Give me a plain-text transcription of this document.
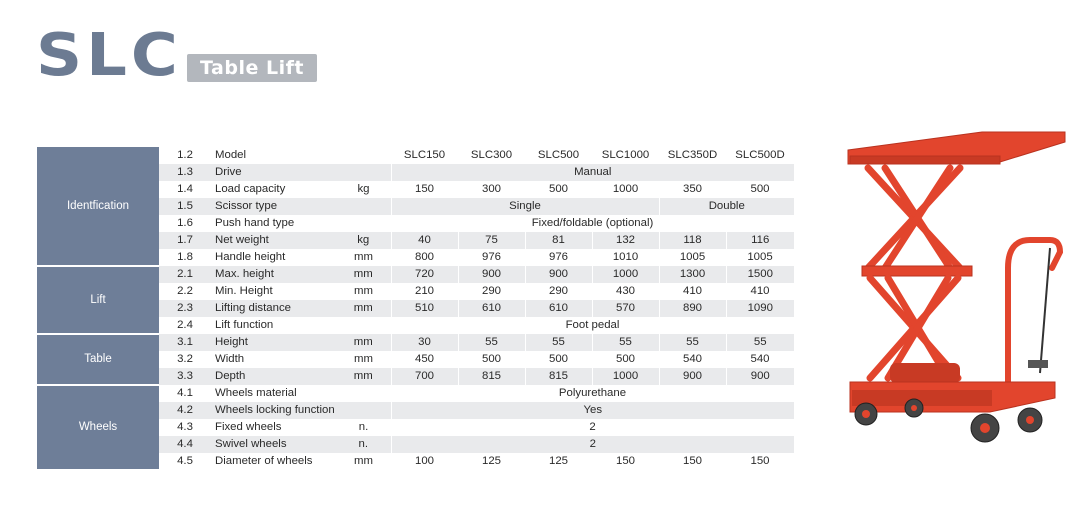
SLC Table Lift
Identfication	1.2	Model		SLC150	SLC300	SLC500	SLC1000	SLC350D	SLC500D
	1.3	Drive		Manual					
	1.4	Load capacity	kg	150	300	500	1000	350	500
	1.5	Scissor type		Single				Double	
	1.6	Push hand type		Fixed/foldable (optional)					
	1.7	Net weight	kg	40	75	81	132	118	116
	1.8	Handle height	mm	800	976	976	1010	1005	1005
Lift	2.1	Max. height	mm	720	900	900	1000	1300	1500
	2.2	Min. Height	mm	210	290	290	430	410	410
	2.3	Lifting distance	mm	510	610	610	570	890	1090
	2.4	Lift function		Foot pedal					
Table	3.1	Height	mm	30	55	55	55	55	55
	3.2	Width	mm	450	500	500	500	540	540
	3.3	Depth	mm	700	815	815	1000	900	900
Wheels	4.1	Wheels material		Polyurethane					
	4.2	Wheels locking function		Yes					
	4.3	Fixed wheels	n.	2					
	4.4	Swivel wheels	n.	2					
	4.5	Diameter of wheels	mm	100	125	125	150	150	150
